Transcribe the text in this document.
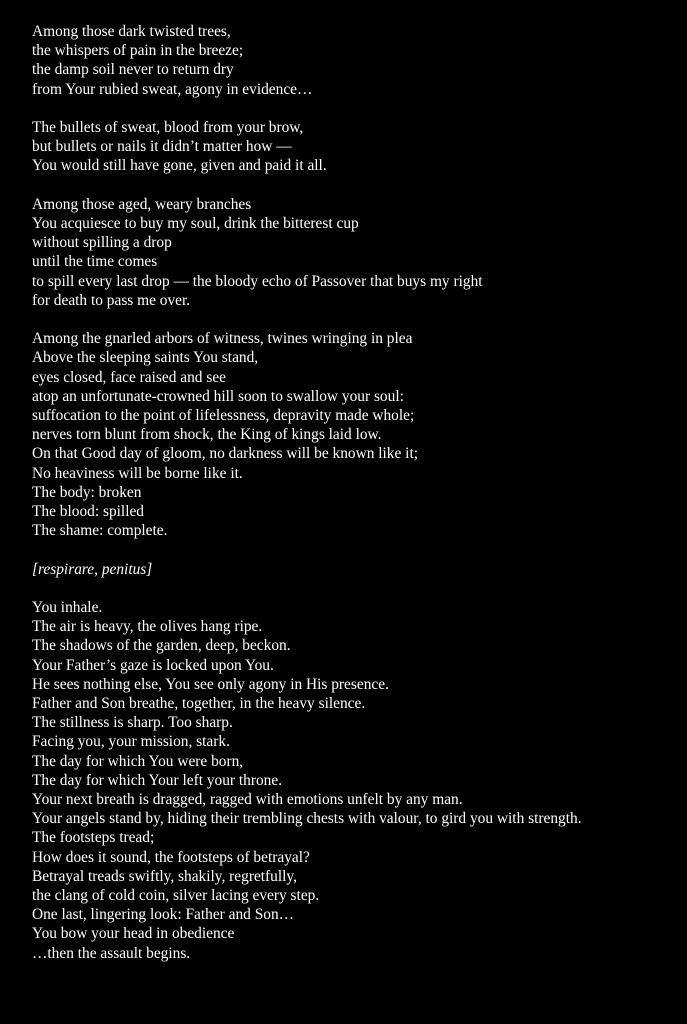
Among those dark twisted trees,
the whispers of pain in the breeze;
the damp soil never to return dry
from Your rubied sweat, agony in evidence…
The bullets of sweat, blood from your brow,
but bullets or nails it didn’t matter how —
You would still have gone, given and paid it all.
Among those aged, weary branches
You acquiesce to buy my soul, drink the bitterest cup
without spilling a drop
until the time comes
to spill every last drop — the bloody echo of Passover that buys my right
for death to pass me over.
Among the gnarled arbors of witness, twines wringing in plea
Above the sleeping saints You stand,
eyes closed, face raised and see
atop an unfortunate-crowned hill soon to swallow your soul:
suffocation to the point of lifelessness, depravity made whole;
nerves torn blunt from shock, the King of kings laid low.
On that Good day of gloom, no darkness will be known like it;
No heaviness will be borne like it.
The body: broken
The blood: spilled
The shame: complete.
[respirare, penitus]
You inhale.
The air is heavy, the olives hang ripe.
The shadows of the garden, deep, beckon.
Your Father’s gaze is locked upon You.
He sees nothing else, You see only agony in His presence.
Father and Son breathe, together, in the heavy silence.
The stillness is sharp. Too sharp.
Facing you, your mission, stark.
The day for which You were born,
The day for which Your left your throne.
Your next breath is dragged, ragged with emotions unfelt by any man.
Your angels stand by, hiding their trembling chests with valour, to gird you with strength.
The footsteps tread;
How does it sound, the footsteps of betrayal?
Betrayal treads swiftly, shakily, regretfully,
the clang of cold coin, silver lacing every step.
One last, lingering look: Father and Son…
You bow your head in obedience
…then the assault begins.
